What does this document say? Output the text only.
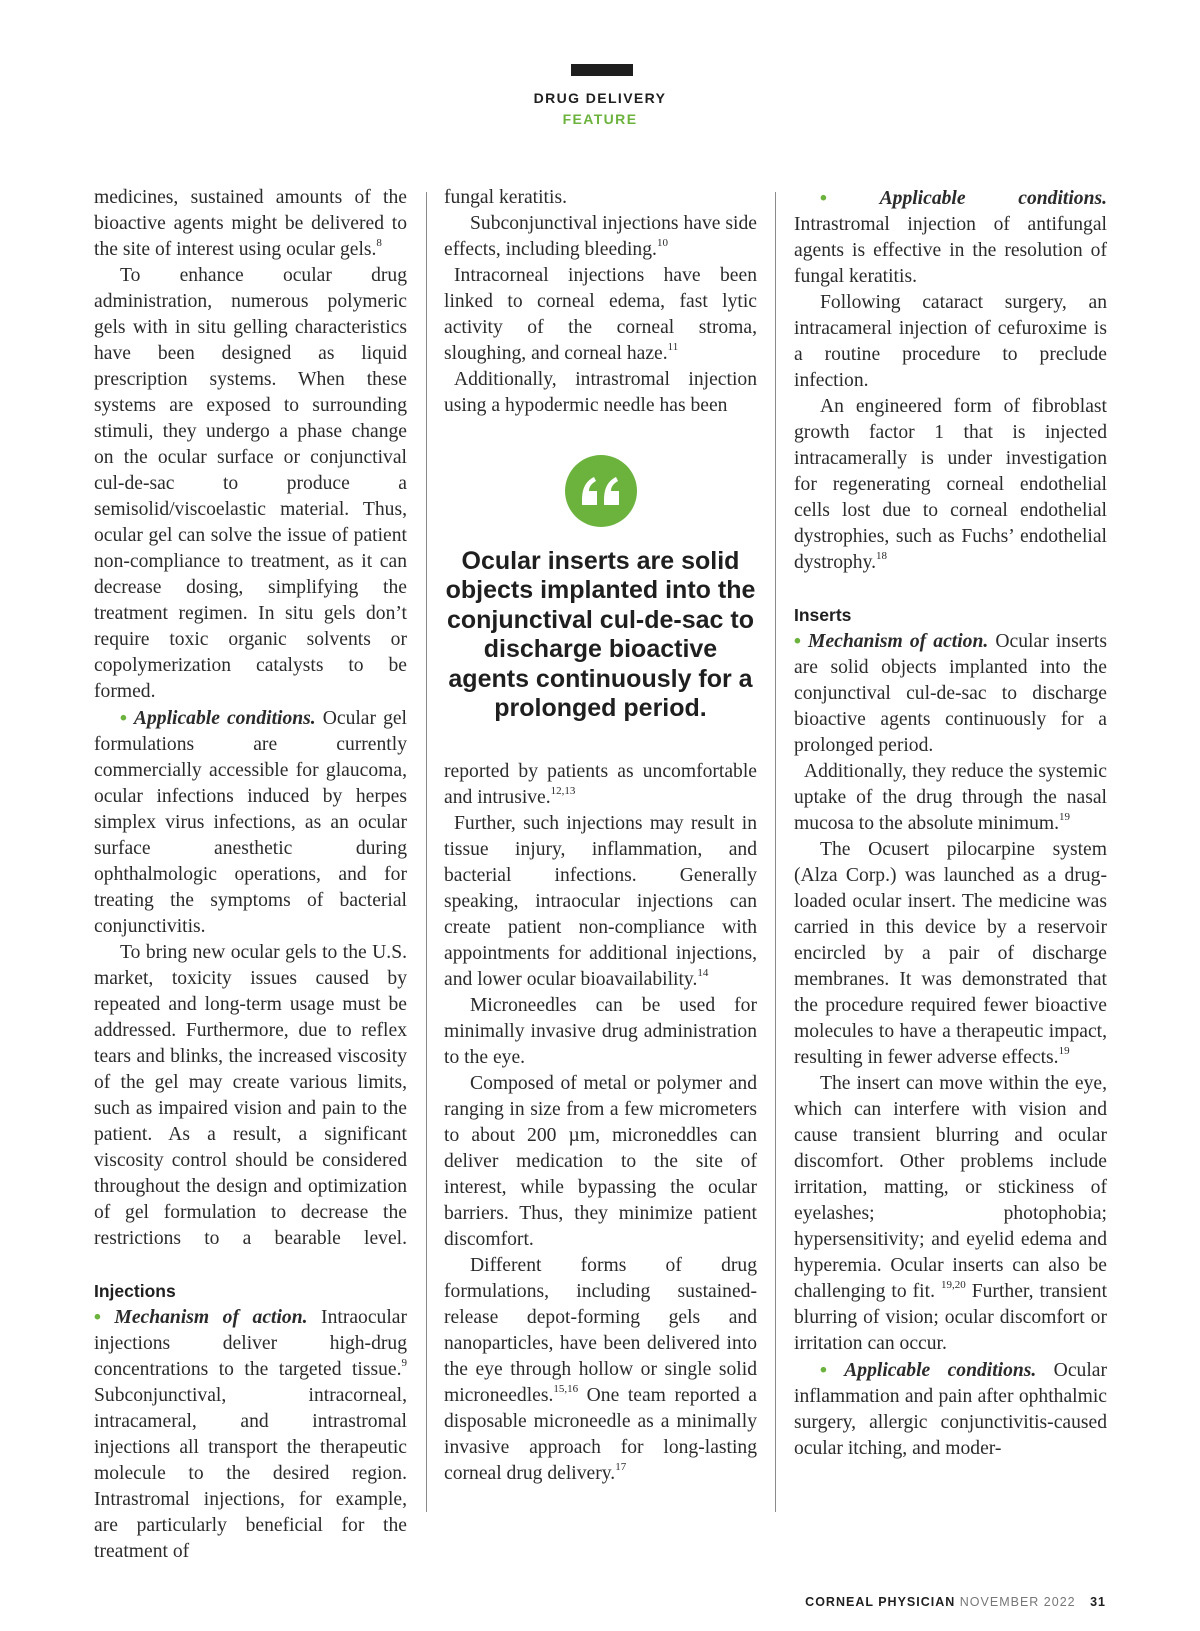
DRUG DELIVERY
FEATURE

medicines, sustained amounts of the bioactive agents might be delivered to the site of interest using ocular gels.$^8$

To enhance ocular drug administration, numerous polymeric gels with in situ gelling characteristics have been designed as liquid prescription systems. When these systems are exposed to surrounding stimuli, they undergo a phase change on the ocular surface or conjunctival cul-de-sac to produce a semisolid/viscoelastic material. Thus, ocular gel can solve the issue of patient non-compliance to treatment, as it can decrease dosing, simplifying the treatment regimen. In situ gels don’t require toxic organic solvents or copolymerization catalysts to be formed.

• Applicable conditions. Ocular gel formulations are currently commercially accessible for glaucoma, ocular infections induced by herpes simplex virus infections, as an ocular surface anesthetic during ophthalmologic operations, and for treating the symptoms of bacterial conjunctivitis.

To bring new ocular gels to the U.S. market, toxicity issues caused by repeated and long-term usage must be addressed. Furthermore, due to reflex tears and blinks, the increased viscosity of the gel may create various limits, such as impaired vision and pain to the patient. As a result, a significant viscosity control should be considered throughout the design and optimization of gel formulation to decrease the restrictions to a bearable level.

Injections

• Mechanism of action. Intraocular injections deliver high-drug concentrations to the targeted tissue.$^9$ Subconjunctival, intracorneal, intracameral, and intrastromal injections all transport the therapeutic molecule to the desired region. Intrastromal injections, for example, are particularly beneficial for the treatment of

fungal keratitis.

Subconjunctival injections have side effects, including bleeding.$^{10}$

Intracorneal injections have been linked to corneal edema, fast lytic activity of the corneal stroma, sloughing, and corneal haze.$^{11}$

Additionally, intrastromal injection using a hypodermic needle has been

Ocular inserts are solid objects implanted into the conjunctival cul-de-sac to discharge bioactive agents continuously for a prolonged period.

reported by patients as uncomfortable and intrusive.$^{12,13}$

Further, such injections may result in tissue injury, inflammation, and bacterial infections. Generally speaking, intraocular injections can create patient non-compliance with appointments for additional injections, and lower ocular bioavailability.$^{14}$

Microneedles can be used for minimally invasive drug administration to the eye.

Composed of metal or polymer and ranging in size from a few micrometers to about 200 µm, microneddles can deliver medication to the site of interest, while bypassing the ocular barriers. Thus, they minimize patient discomfort.

Different forms of drug formulations, including sustained-release depot-forming gels and nanoparticles, have been delivered into the eye through hollow or single solid microneedles.$^{15,16}$ One team reported a disposable microneedle as a minimally invasive approach for long-lasting corneal drug delivery.$^{17}$

•	Applicable conditions. Intrastromal injection of antifungal agents is effective in the resolution of fungal keratitis.

Following cataract surgery, an intracameral injection of cefuroxime is a routine procedure to preclude infection.

An engineered form of fibroblast growth factor 1 that is injected intracamerally is under investigation for regenerating corneal endothelial cells lost due to corneal endothelial dystrophies, such as Fuchs’ endothelial dystrophy.$^{18}$

Inserts

• Mechanism of action. Ocular inserts are solid objects implanted into the conjunctival cul-de-sac to discharge bioactive agents continuously for a prolonged period.

Additionally, they reduce the systemic uptake of the drug through the nasal mucosa to the absolute minimum.$^{19}$

The Ocusert pilocarpine system (Alza Corp.) was launched as a drug-loaded ocular insert. The medicine was carried in this device by a reservoir encircled by a pair of discharge membranes. It was demonstrated that the procedure required fewer bioactive molecules to have a therapeutic impact, resulting in fewer adverse effects.$^{19}$

The insert can move within the eye, which can interfere with vision and cause transient blurring and ocular discomfort. Other problems include irritation, matting, or stickiness of eyelashes; photophobia; hypersensitivity; and eyelid edema and hyperemia. Ocular inserts can also be challenging to fit. $^{19,20}$ Further, transient blurring of vision; ocular discomfort or irritation can occur.

• Applicable conditions. Ocular inflammation and pain after ophthalmic surgery, allergic conjunctivitis-caused ocular itching, and moder-

CORNEAL PHYSICIAN NOVEMBER 2022 31
